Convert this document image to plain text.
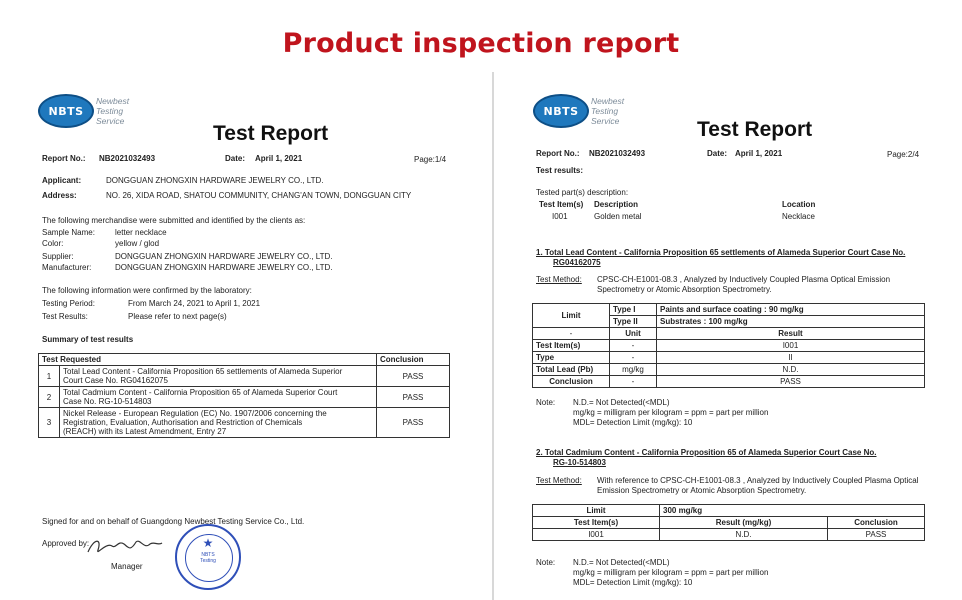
Product inspection report
NBTS
Newbest
Testing
Service
Test Report
Report No.: NB2021032493	Date: April 1, 2021	Page:1/4
Applicant:	DONGGUAN ZHONGXIN HARDWARE JEWELRY CO., LTD.
Address:	NO. 26, XIDA ROAD, SHATOU COMMUNITY, CHANG'AN TOWN, DONGGUAN CITY
The following merchandise were submitted and identified by the clients as:
Sample Name:	letter necklace
Color:	yellow / glod
Supplier:	DONGGUAN ZHONGXIN HARDWARE JEWELRY CO., LTD.
Manufacturer:	DONGGUAN ZHONGXIN HARDWARE JEWELRY CO., LTD.
The following information were confirmed by the laboratory:
Testing Period:	From March 24, 2021 to April 1, 2021
Test Results:	Please refer to next page(s)
Summary of test results
Test Requested		Conclusion
1	Total Lead Content - California Proposition 65 settlements of Alameda Superior
Court Case No. RG04162075	PASS
2	Total Cadmium Content - California Proposition 65 of Alameda Superior Court
Case No. RG-10-514803	PASS
3	Nickel Release - European Regulation (EC) No. 1907/2006 concerning the
Registration, Evaluation, Authorisation and Restriction of Chemicals
(REACH) with its Latest Amendment, Entry 27	PASS
Signed for and on behalf of Guangdong Newbest Testing Service Co., Ltd.
Approved by:
Manager
★
NBTS
Testing
NBTS
Newbest
Testing
Service	Test Report
Report No.: NB2021032493	Date: April 1, 2021	Page:2/4
Test results:
Tested part(s) description:
Test Item(s) Description	Location
I001	Golden metal	Necklace
1. Total Lead Content - California Proposition 65 settlements of Alameda Superior Court Case No.
RG04162075
Test Method: CPSC-CH-E1001-08.3 , Analyzed by Inductively Coupled Plasma Optical Emission
Spectrometry or Atomic Absorption Spectrometry.
Limit	Type I	Paints and surface coating : 90 mg/kg
	Type II	Substrates : 100 mg/kg
-	Unit	Result
Test Item(s)	-	I001
Type	-	II
Total Lead (Pb)	mg/kg	N.D.
Conclusion	-	PASS
Note: N.D.= Not Detected(<MDL)
mg/kg = milligram per kilogram = ppm = part per million
MDL= Detection Limit (mg/kg): 10
2. Total Cadmium Content - California Proposition 65 of Alameda Superior Court Case No.
RG-10-514803
Test Method: With reference to CPSC-CH-E1001-08.3 , Analyzed by Inductively Coupled Plasma Optical
Emission Spectrometry or Atomic Absorption Spectrometry.
Limit	300 mg/kg	
Test Item(s)	Result (mg/kg)	Conclusion
I001	N.D.	PASS
Note: N.D.= Not Detected(<MDL)
mg/kg = milligram per kilogram = ppm = part per million
MDL= Detection Limit (mg/kg): 10
